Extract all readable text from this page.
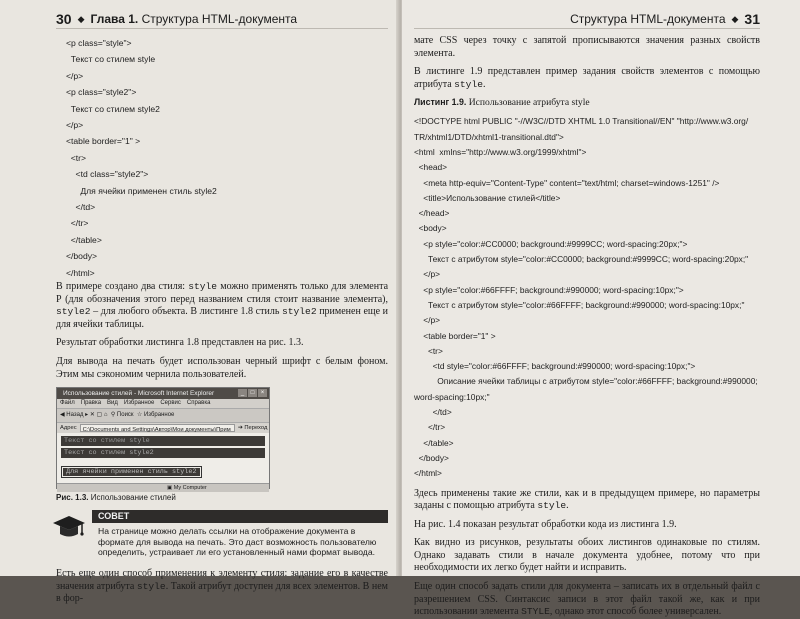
30 ◆ Глава 1.
Структура HTML-документа
<p class="style">
Текст со стилем style
</p>
<p class="style2">
Текст со стилем style2
</p>
<table border="1" >
<tr>
<td class="style2">
Для ячейки применен стиль style2
</td>
</tr>
</table>
</body>
</html>

В примере создано два стиля: style можно применять только для элемента P (для обозначения этого перед названием стиля стоит название элемента), style2 – для любого объекта. В листинге 1.8 стиль style2 применен еще и для ячейки таблицы.

Результат обработки листинга 1.8 представлен на рис. 1.3.

Для вывода на печать будет использован черный шрифт с белым фоном. Этим мы сэкономим чернила пользователей.

Использование стилей - Microsoft Internet Explorer	_	□	×
Файл Правка Вид Избранное Сервис Справка
◀ Назад ▸ ✕ ▢ ⌂  ⚲ Поиск ☆ Избранное
Адрес	C:\Documents and Settings\Автор\Мои документы\Прим	➔
Переход

Текст со стилем style
Текст со стилем style2
Для ячейки применен стиль style2
▣ My Computer
Рис. 1.3. Использование стилей
СОВЕТ
На странице можно делать ссылки на отображение документа в формате для вывода на печать. Это даст возможность пользователю определить, устраивает ли его установленный нами формат вывода.

Есть еще один способ применения к элементу стиля: задание его в качестве значения атрибута style. Такой атрибут доступен для всех элементов. В нем в фор-

Структура HTML-документа ◆ 31

мате CSS через точку с запятой прописываются значения разных свойств элемента.

В листинге 1.9 представлен пример задания свойств элементов с помощью атрибута style.

Листинг 1.9. Использование атрибута style
<!DOCTYPE html PUBLIC "-//W3C//DTD XHTML 1.0 Transitional//EN" "http://www.w3.org/
TR/xhtml1/DTD/xhtml1-transitional.dtd">
<html  xmlns="http://www.w3.org/1999/xhtml">
<head>
<meta http-equiv="Content-Type" content="text/html; charset=windows-1251" />
<title>Использование стилей</title>
</head>
<body>
<p style="color:#CC0000; background:#9999CC; word-spacing:20px;">
Текст с атрибутом style="color:#CC0000; background:#9999CC; word-spacing:20px;"
</p>
<p style="color:#66FFFF; background:#990000; word-spacing:10px;">
Текст с атрибутом style="color:#66FFFF; background:#990000; word-spacing:10px;"
</p>
<table border="1" >
<tr>
<td style="color:#66FFFF; background:#990000; word-spacing:10px;">
Описание ячейки таблицы с атрибутом style="color:#66FFFF; background:#990000;
word-spacing:10px;"
</td>
</tr>
</table>
</body>
</html>

Здесь применены такие же стили, как и в предыдущем примере, но параметры заданы с помощью атрибута style.

На рис. 1.4 показан результат обработки кода из листинга 1.9.

Как видно из рисунков, результаты обоих листингов одинаковые по стилям. Однако задавать стили в начале документа удобнее, потому что при необходимости их легко будет найти и исправить.

Еще один способ задать стили для документа – записать их в отдельный файл с разрешением CSS. Синтаксис записи в этот файл такой же, как и при использовании элемента STYLE, однако этот способ более универсален.
